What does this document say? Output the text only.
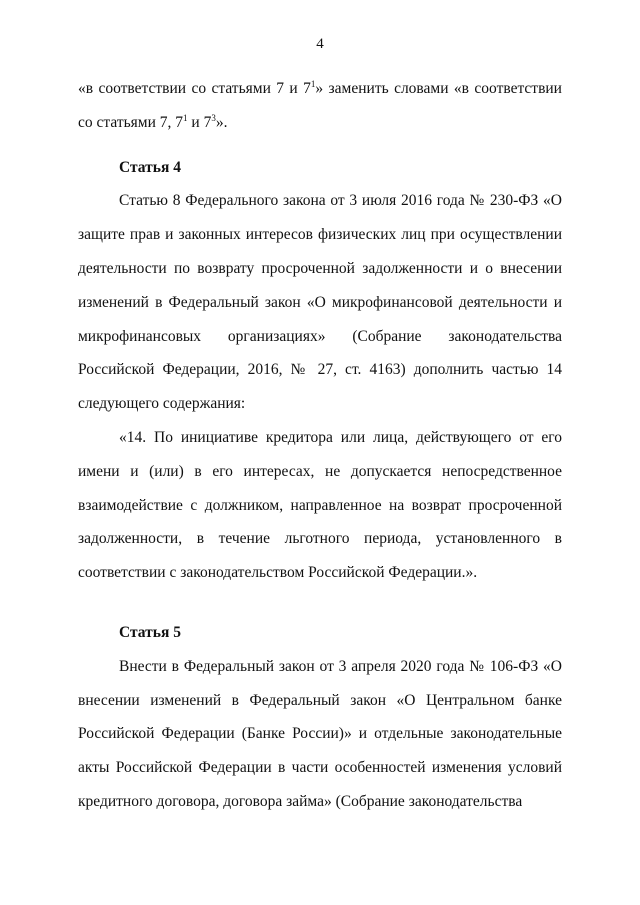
4

«в соответствии со статьями 7 и $7^1$» заменить словами «в соответствии со статьями 7, $7^1$ и $7^3$».

Статья 4

Статью 8 Федерального закона от 3 июля 2016 года № 230-ФЗ «О защите прав и законных интересов физических лиц при осуществлении деятельности по возврату просроченной задолженности и о внесении изменений в Федеральный закон «О микрофинансовой деятельности и микрофинансовых организациях» (Собрание законодательства Российской Федерации, 2016, № 27, ст. 4163) дополнить частью 14 следующего содержания:

«14. По инициативе кредитора или лица, действующего от его имени и (или) в его интересах, не допускается непосредственное взаимодействие с должником, направленное на возврат просроченной задолженности, в течение льготного периода, установленного в соответствии с законодательством Российской Федерации.».

Статья 5

Внести в Федеральный закон от 3 апреля 2020 года № 106-ФЗ «О внесении изменений в Федеральный закон «О Центральном банке Российской Федерации (Банке России)» и отдельные законодательные акты Российской Федерации в части особенностей изменения условий кредитного договора, договора займа» (Собрание законодательства
